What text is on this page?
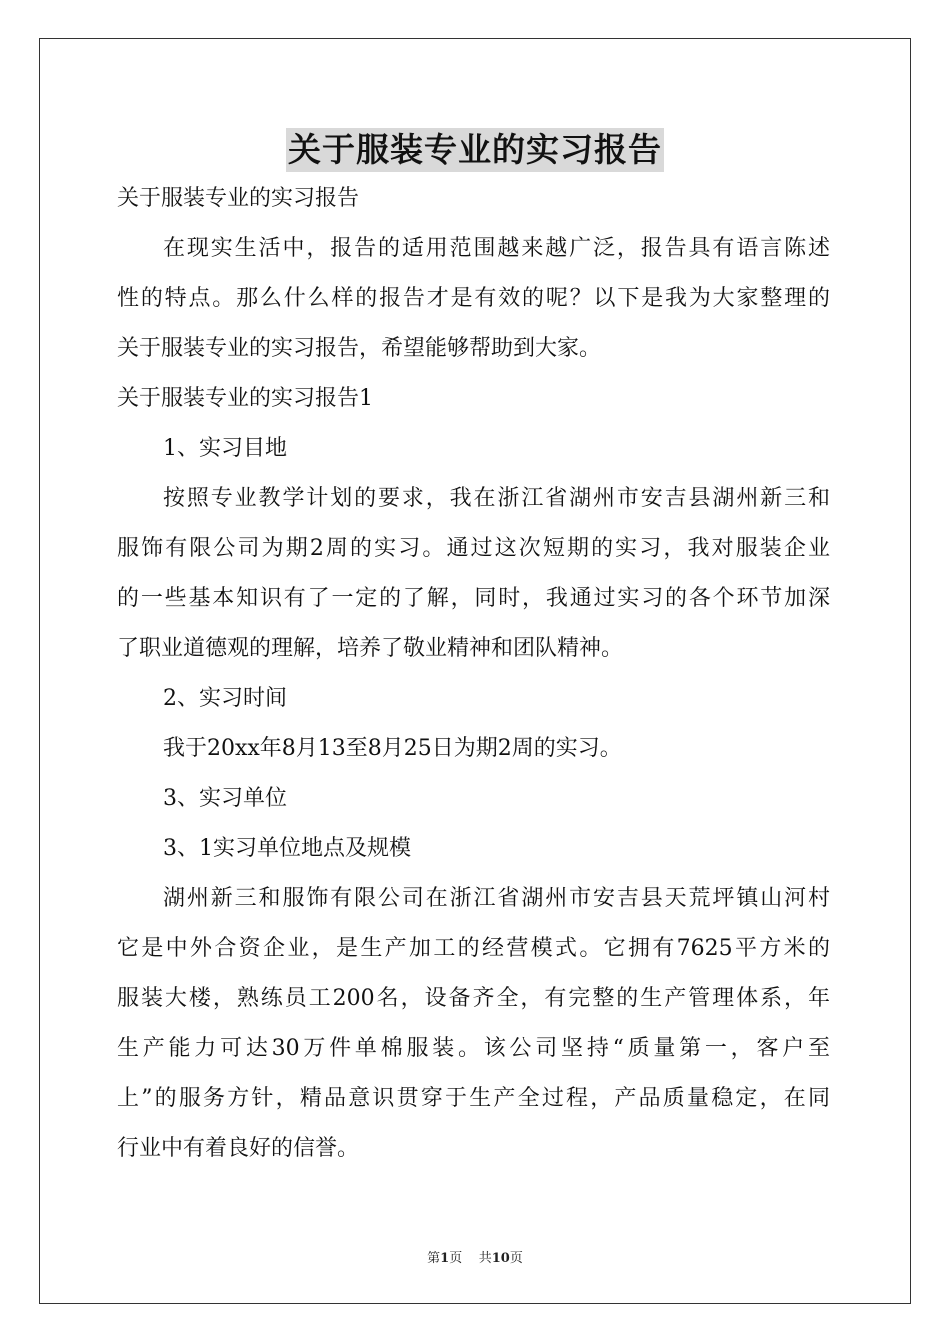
关于服装专业的实习报告
关于服装专业的实习报告
在现实生活中，报告的适用范围越来越广泛，报告具有语言陈述
性的特点。那么什么样的报告才是有效的呢？以下是我为大家整理的
关于服装专业的实习报告，希望能够帮助到大家。
关于服装专业的实习报告1
1、实习目地
按照专业教学计划的要求，我在浙江省湖州市安吉县湖州新三和
服饰有限公司为期2周的实习。通过这次短期的实习，我对服装企业
的一些基本知识有了一定的了解，同时，我通过实习的各个环节加深
了职业道德观的理解，培养了敬业精神和团队精神。
2、实习时间
我于20xx年8月13至8月25日为期2周的实习。
3、实习单位
3、1实习单位地点及规模
湖州新三和服饰有限公司在浙江省湖州市安吉县天荒坪镇山河村
它是中外合资企业，是生产加工的经营模式。它拥有7625平方米的
服装大楼，熟练员工200名，设备齐全，有完整的生产管理体系，年
生产能力可达30万件单棉服装。该公司坚持“质量第一，客户至
上”的服务方针，精品意识贯穿于生产全过程，产品质量稳定，在同
行业中有着良好的信誉。
第1页 共10页
